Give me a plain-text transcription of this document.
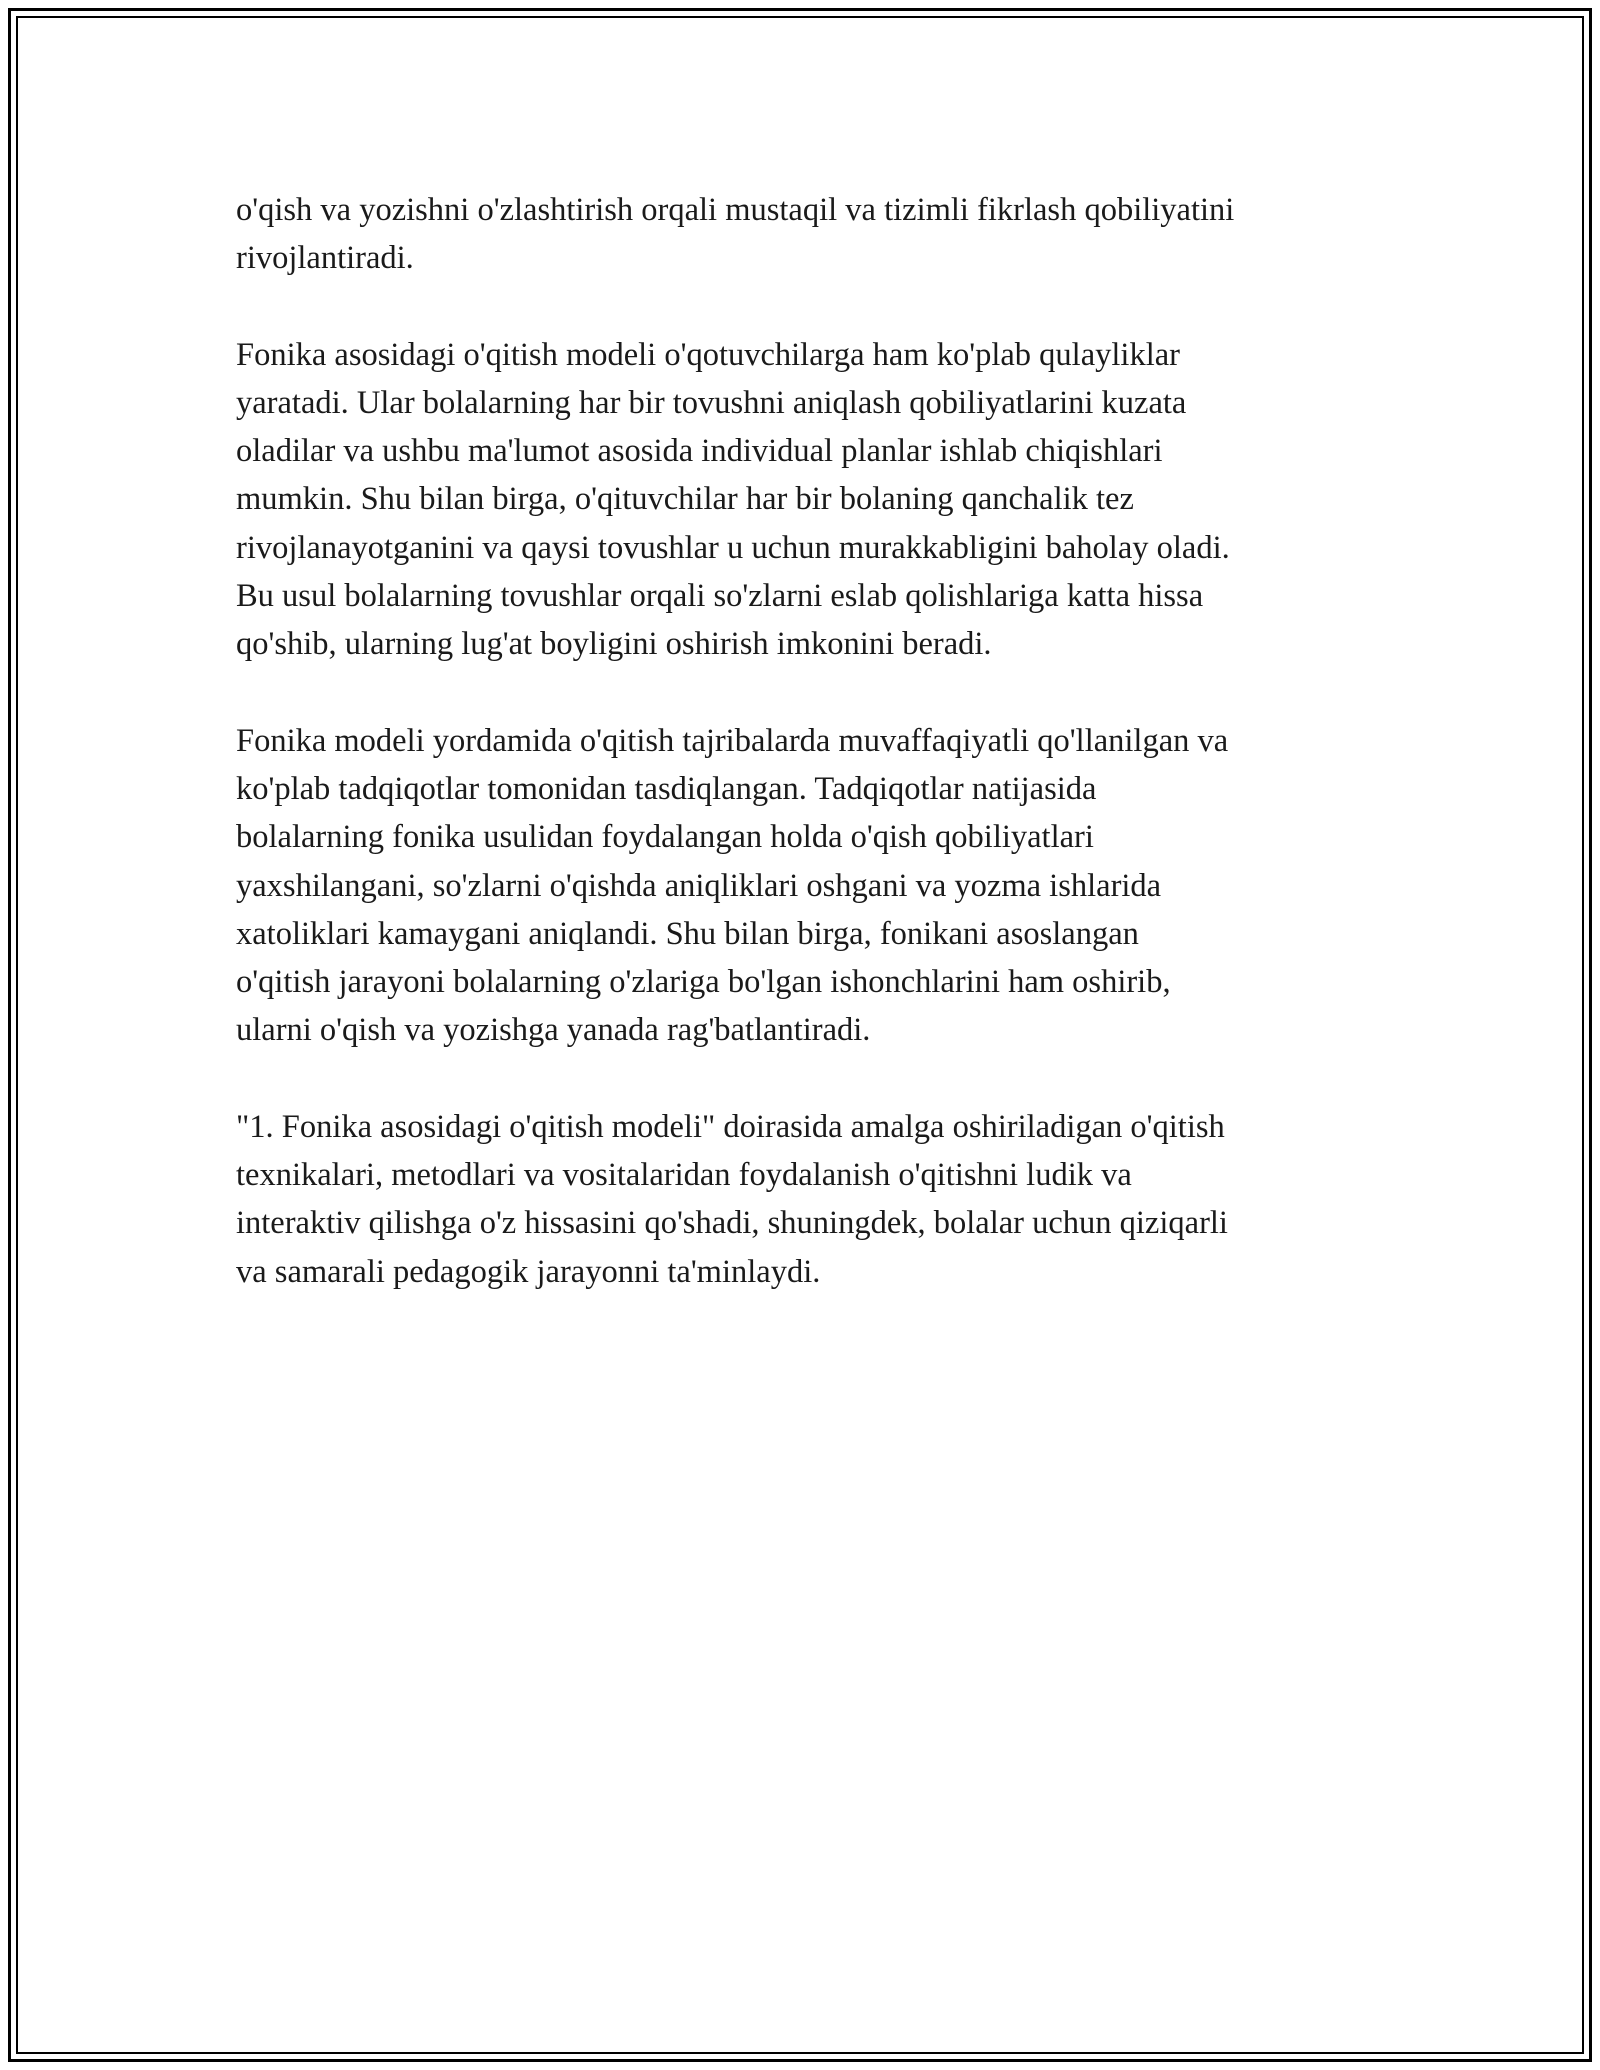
o'qish va yozishni o'zlashtirish orqali mustaqil va tizimli fikrlash qobiliyatini
rivojlantiradi.

Fonika asosidagi o'qitish modeli o'qotuvchilarga ham ko'plab qulayliklar
yaratadi. Ular bolalarning har bir tovushni aniqlash qobiliyatlarini kuzata
oladilar va ushbu ma'lumot asosida individual planlar ishlab chiqishlari
mumkin. Shu bilan birga, o'qituvchilar har bir bolaning qanchalik tez
rivojlanayotganini va qaysi tovushlar u uchun murakkabligini baholay oladi.
Bu usul bolalarning tovushlar orqali so'zlarni eslab qolishlariga katta hissa
qo'shib, ularning lug'at boyligini oshirish imkonini beradi.

Fonika modeli yordamida o'qitish tajribalarda muvaffaqiyatli qo'llanilgan va
ko'plab tadqiqotlar tomonidan tasdiqlangan. Tadqiqotlar natijasida
bolalarning fonika usulidan foydalangan holda o'qish qobiliyatlari
yaxshilangani, so'zlarni o'qishda aniqliklari oshgani va yozma ishlarida
xatoliklari kamaygani aniqlandi. Shu bilan birga, fonikani asoslangan
o'qitish jarayoni bolalarning o'zlariga bo'lgan ishonchlarini ham oshirib,
ularni o'qish va yozishga yanada rag'batlantiradi.

"1. Fonika asosidagi o'qitish modeli" doirasida amalga oshiriladigan o'qitish
texnikalari, metodlari va vositalaridan foydalanish o'qitishni ludik va
interaktiv qilishga o'z hissasini qo'shadi, shuningdek, bolalar uchun qiziqarli
va samarali pedagogik jarayonni ta'minlaydi.
